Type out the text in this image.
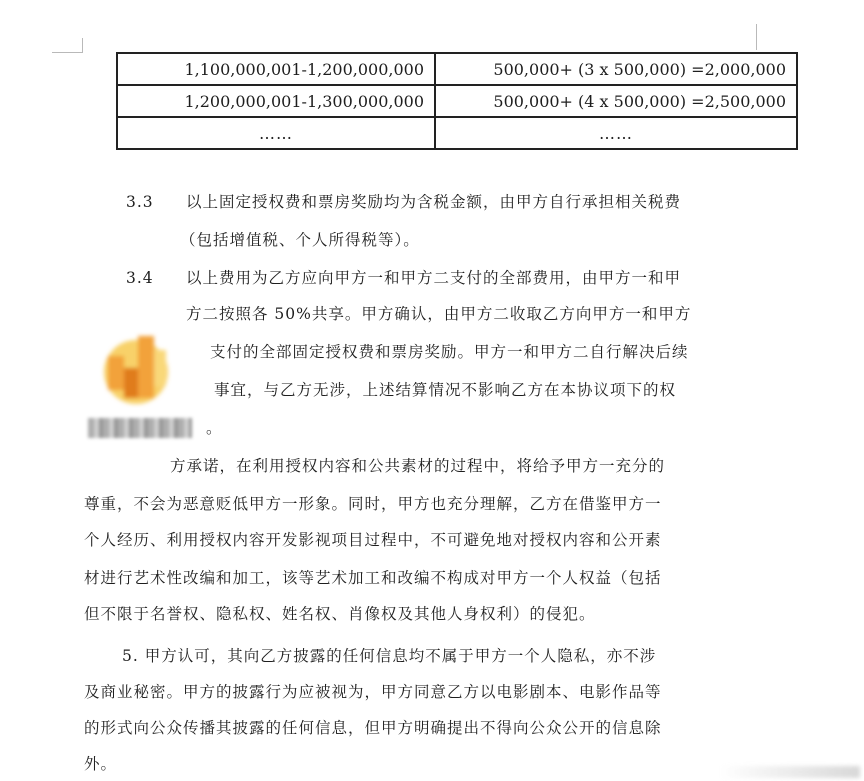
1,100,000,001-1,200,000,000	500,000+ (3 x 500,000) =2,000,000
1,200,000,001-1,300,000,000	500,000+ (4 x 500,000) =2,500,000
……	……
3.3 以上固定授权费和票房奖励均为含税金额，由甲方自行承担相关税费
（包括增值税、个人所得税等）。
3.4 以上费用为乙方应向甲方一和甲方二支付的全部费用，由甲方一和甲
方二按照各 50%共享。甲方确认，由甲方二收取乙方向甲方一和甲方
支付的全部固定授权费和票房奖励。甲方一和甲方二自行解决后续
事宜，与乙方无涉，上述结算情况不影响乙方在本协议项下的权
。
方承诺，在利用授权内容和公共素材的过程中，将给予甲方一充分的
尊重，不会为恶意贬低甲方一形象。同时，甲方也充分理解，乙方在借鉴甲方一
个人经历、利用授权内容开发影视项目过程中，不可避免地对授权内容和公开素
材进行艺术性改编和加工，该等艺术加工和改编不构成对甲方一个人权益（包括
但不限于名誉权、隐私权、姓名权、肖像权及其他人身权利）的侵犯。
5. 甲方认可，其向乙方披露的任何信息均不属于甲方一个人隐私，亦不涉
及商业秘密。甲方的披露行为应被视为，甲方同意乙方以电影剧本、电影作品等
的形式向公众传播其披露的任何信息，但甲方明确提出不得向公众公开的信息除
外。
